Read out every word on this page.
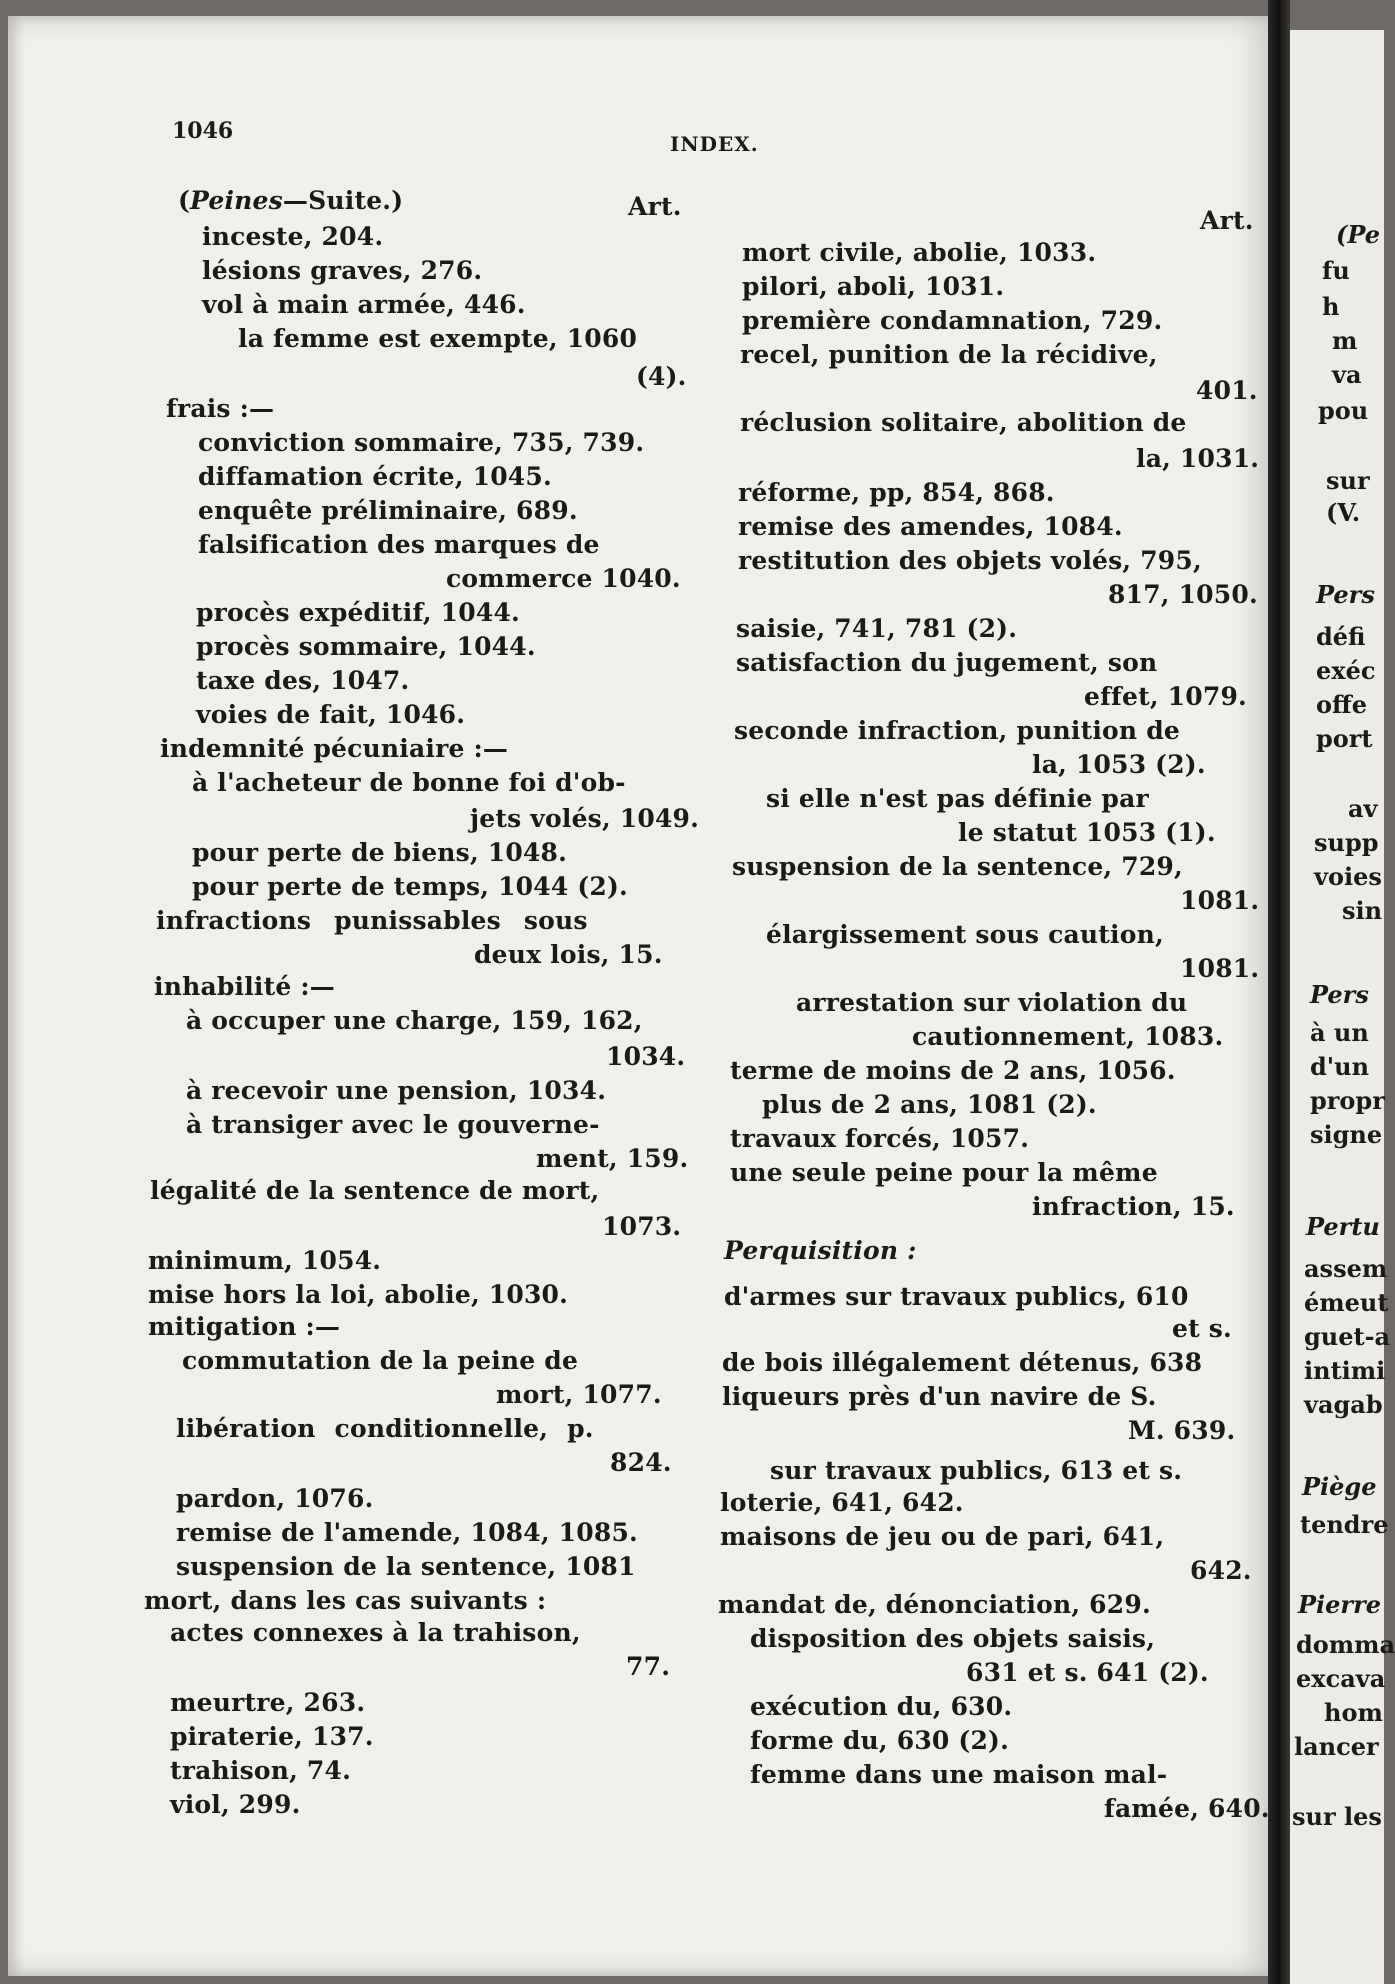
1046	INDEX.
(Peines—Suite.)	Art.
inceste, 204.
lésions graves, 276.
vol à main armée, 446.
la femme est exempte, 1060
(4).
frais :—
conviction sommaire, 735, 739.
diffamation écrite, 1045.
enquête préliminaire, 689.
falsification des marques de
commerce 1040.
procès expéditif, 1044.
procès sommaire, 1044.
taxe des, 1047.
voies de fait, 1046.
indemnité pécuniaire :—
à l'acheteur de bonne foi d'ob-
jets volés, 1049.
pour perte de biens, 1048.
pour perte de temps, 1044 (2).
infractions punissables sous
deux lois, 15.
inhabilité :—
à occuper une charge, 159, 162,
1034.
à recevoir une pension, 1034.
à transiger avec le gouverne-
ment, 159.
légalité de la sentence de mort,
1073.
minimum, 1054.
mise hors la loi, abolie, 1030.
mitigation :—
commutation de la peine de
mort, 1077.
libération conditionnelle, p.
824.
pardon, 1076.
remise de l'amende, 1084, 1085.
suspension de la sentence, 1081
mort, dans les cas suivants :
actes connexes à la trahison,
77.
meurtre, 263.
piraterie, 137.
trahison, 74.
viol, 299.
Art.
mort civile, abolie, 1033.
pilori, aboli, 1031.
première condamnation, 729.
recel, punition de la récidive,
401.
réclusion solitaire, abolition de
la, 1031.
réforme, pp, 854, 868.
remise des amendes, 1084.
restitution des objets volés, 795,
817, 1050.
saisie, 741, 781 (2).
satisfaction du jugement, son
effet, 1079.
seconde infraction, punition de
la, 1053 (2).
si elle n'est pas définie par
le statut 1053 (1).
suspension de la sentence, 729,
1081.
élargissement sous caution,
1081.
arrestation sur violation du
cautionnement, 1083.
terme de moins de 2 ans, 1056.
plus de 2 ans, 1081 (2).
travaux forcés, 1057.
une seule peine pour la même
infraction, 15.
Perquisition :
d'armes sur travaux publics, 610
et s.
de bois illégalement détenus, 638
liqueurs près d'un navire de S.
M. 639.
sur travaux publics, 613 et s.
loterie, 641, 642.
maisons de jeu ou de pari, 641,
642.
mandat de, dénonciation, 629.
disposition des objets saisis,
631 et s. 641 (2).
exécution du, 630.
forme du, 630 (2).
femme dans une maison mal-
famée, 640.
(Pe
fu
h
m
va
pou
sur
(V.
Pers
défi
exéc
offe
port
av
supp
voies
sin
Pers
à un
d'un
propr
signe
Pertu
assem
émeut
guet-a
intimi
vagab
Piège
tendre
Pierre
domma
excava
hom
lancer
sur les
